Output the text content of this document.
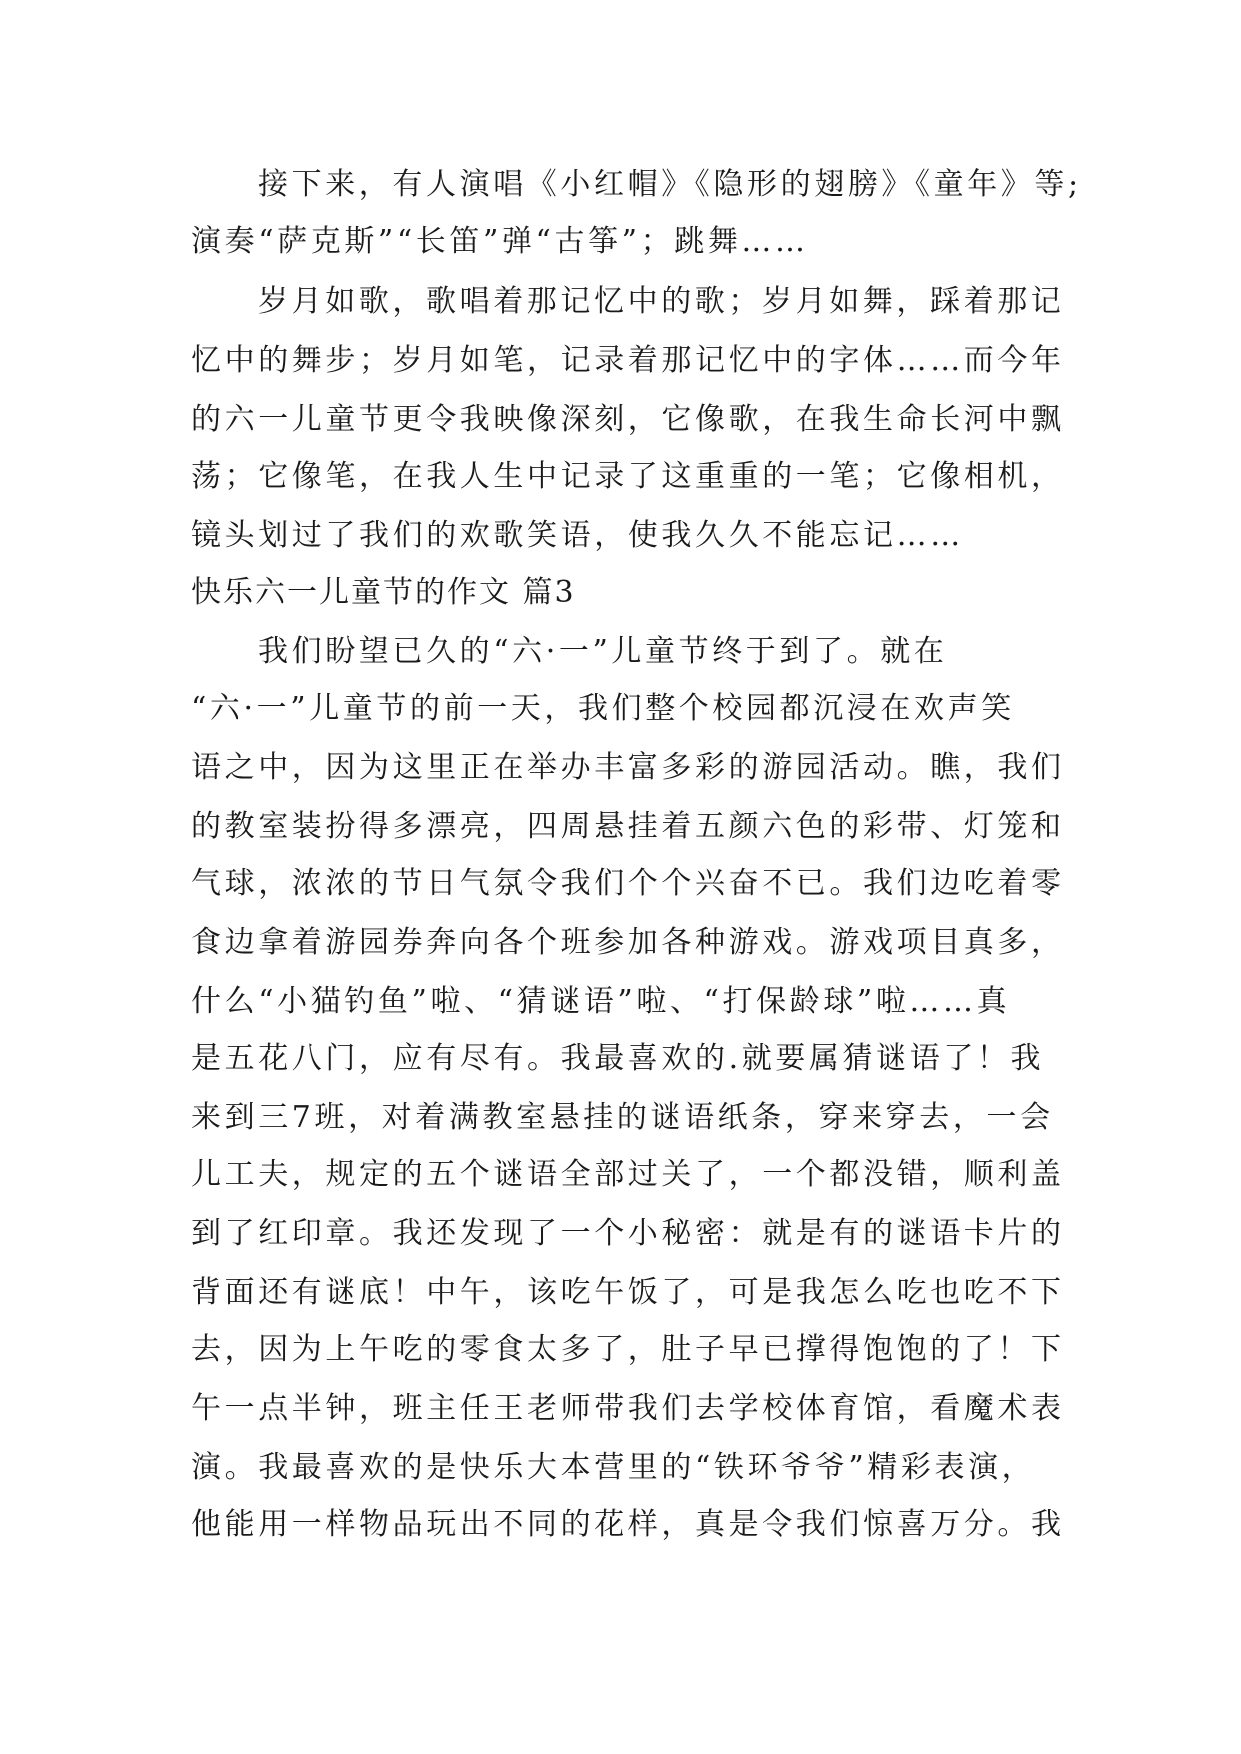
接下来，有人演唱《小红帽》《隐形的翅膀》《童年》等;
演奏“萨克斯”“长笛”弹“古筝”；跳舞……
岁月如歌，歌唱着那记忆中的歌；岁月如舞，踩着那记
忆中的舞步；岁月如笔，记录着那记忆中的字体……而今年
的六一儿童节更令我映像深刻，它像歌，在我生命长河中飘
荡；它像笔，在我人生中记录了这重重的一笔；它像相机，
镜头划过了我们的欢歌笑语，使我久久不能忘记……
快乐六一儿童节的作文 篇3
我们盼望已久的“六·一”儿童节终于到了。就在
“六·一”儿童节的前一天，我们整个校园都沉浸在欢声笑
语之中，因为这里正在举办丰富多彩的游园活动。瞧，我们
的教室装扮得多漂亮，四周悬挂着五颜六色的彩带、灯笼和
气球，浓浓的节日气氛令我们个个兴奋不已。我们边吃着零
食边拿着游园券奔向各个班参加各种游戏。游戏项目真多，
什么“小猫钓鱼”啦、“猜谜语”啦、“打保龄球”啦……真
是五花八门，应有尽有。我最喜欢的.就要属猜谜语了！我
来到三7班，对着满教室悬挂的谜语纸条，穿来穿去，一会
儿工夫，规定的五个谜语全部过关了，一个都没错，顺利盖
到了红印章。我还发现了一个小秘密：就是有的谜语卡片的
背面还有谜底！中午，该吃午饭了，可是我怎么吃也吃不下
去，因为上午吃的零食太多了，肚子早已撑得饱饱的了！下
午一点半钟，班主任王老师带我们去学校体育馆，看魔术表
演。我最喜欢的是快乐大本营里的“铁环爷爷”精彩表演，
他能用一样物品玩出不同的花样，真是令我们惊喜万分。我
